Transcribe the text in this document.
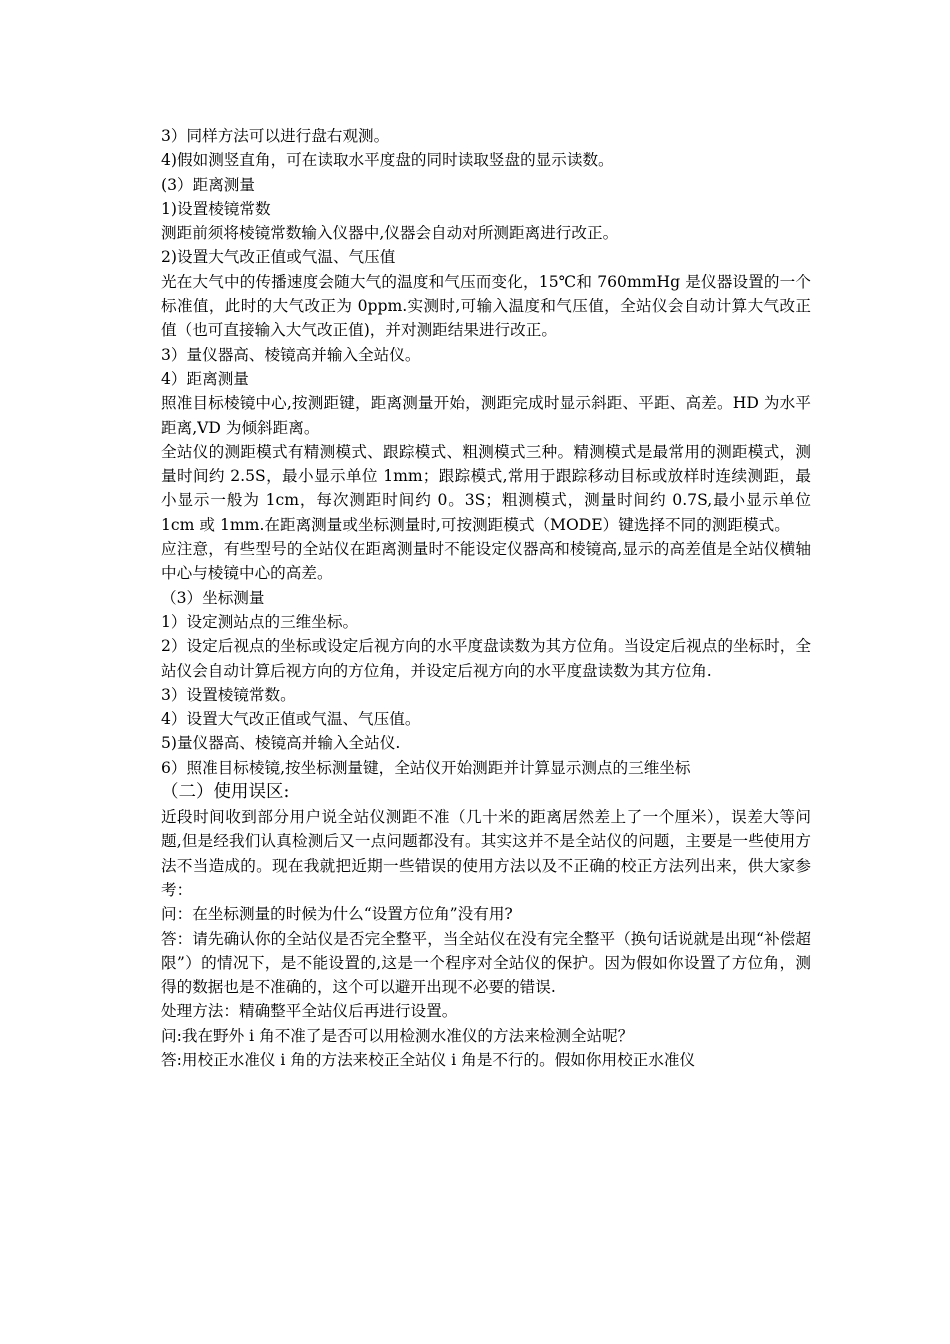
3）同样方法可以进行盘右观测。

4)假如测竖直角，可在读取水平度盘的同时读取竖盘的显示读数。

(3）距离测量

1)设置棱镜常数

测距前须将棱镜常数输入仪器中,仪器会自动对所测距离进行改正。

2)设置大气改正值或气温、气压值

光在大气中的传播速度会随大气的温度和气压而变化，15℃和 760mmHg 是仪器设置的一个标准值，此时的大气改正为 0ppm.实测时,可输入温度和气压值，全站仪会自动计算大气改正值（也可直接输入大气改正值)，并对测距结果进行改正。

3）量仪器高、棱镜高并输入全站仪。

4）距离测量

照准目标棱镜中心,按测距键，距离测量开始，测距完成时显示斜距、平距、高差。HD 为水平距离,VD 为倾斜距离。

全站仪的测距模式有精测模式、跟踪模式、粗测模式三种。精测模式是最常用的测距模式，测量时间约 2.5S，最小显示单位 1mm；跟踪模式,常用于跟踪移动目标或放样时连续测距，最小显示一般为 1cm，每次测距时间约 0。3S；粗测模式，测量时间约 0.7S,最小显示单位 1cm 或 1mm.在距离测量或坐标测量时,可按测距模式（MODE）键选择不同的测距模式。

应注意，有些型号的全站仪在距离测量时不能设定仪器高和棱镜高,显示的高差值是全站仪横轴中心与棱镜中心的高差。

（3）坐标测量

1）设定测站点的三维坐标。

2）设定后视点的坐标或设定后视方向的水平度盘读数为其方位角。当设定后视点的坐标时，全站仪会自动计算后视方向的方位角，并设定后视方向的水平度盘读数为其方位角.

3）设置棱镜常数。

4）设置大气改正值或气温、气压值。

5)量仪器高、棱镜高并输入全站仪.

6）照准目标棱镜,按坐标测量键，全站仪开始测距并计算显示测点的三维坐标

（二）使用误区:

近段时间收到部分用户说全站仪测距不准（几十米的距离居然差上了一个厘米），误差大等问题,但是经我们认真检测后又一点问题都没有。其实这并不是全站仪的问题，主要是一些使用方法不当造成的。现在我就把近期一些错误的使用方法以及不正确的校正方法列出来，供大家参考：

问：在坐标测量的时候为什么“设置方位角”没有用?

答：请先确认你的全站仪是否完全整平，当全站仪在没有完全整平（换句话说就是出现“补偿超限”）的情况下，是不能设置的,这是一个程序对全站仪的保护。因为假如你设置了方位角，测得的数据也是不准确的，这个可以避开出现不必要的错误.

处理方法：精确整平全站仪后再进行设置。

问:我在野外 i 角不准了是否可以用检测水准仪的方法来检测全站呢？

答:用校正水准仪 i 角的方法来校正全站仪 i 角是不行的。假如你用校正水准仪
